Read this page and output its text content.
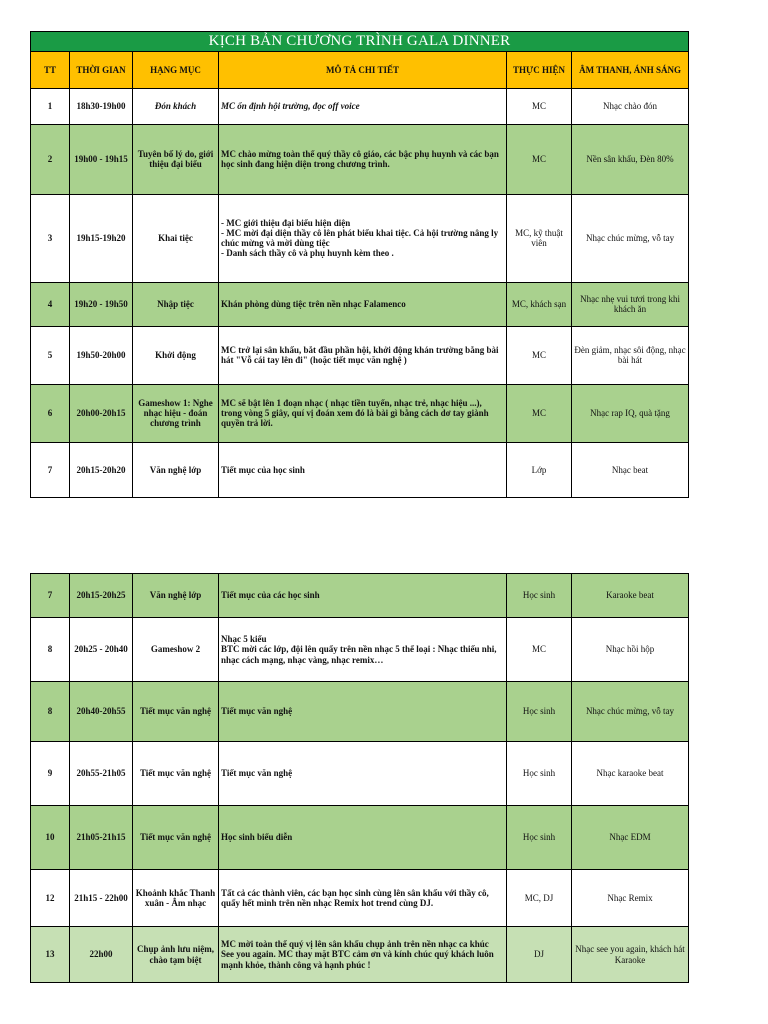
KỊCH BẢN CHƯƠNG TRÌNH GALA DINNER					
TT	THỜI GIAN	HẠNG MỤC	MÔ TẢ CHI TIẾT	THỰC HIỆN	ÂM THANH, ÁNH SÁNG
1	18h30-19h00	Đón khách	MC ổn định hội trường, đọc off voice	MC	Nhạc chào đón
2	19h00 - 19h15	Tuyên bố lý do, giới thiệu đại biểu	MC chào mừng toàn thể quý thầy cô giáo, các bậc phụ huynh và các bạn học sinh đang hiện diện trong chương trình.	MC	Nền sân khấu, Đèn 80%
3	19h15-19h20	Khai tiệc	- MC giới thiệu đại biểu hiện diện
- MC mời đại diện thầy cô lên phát biểu khai tiệc. Cả hội trường nâng ly chúc mừng và mời dùng tiệc
- Danh sách thầy cô và phụ huynh kèm theo .	MC, kỹ thuật viên	Nhạc chúc mừng, vỗ tay
4	19h20 - 19h50	Nhập tiệc	Khán phòng dùng tiệc trên nền nhạc Falamenco	MC, khách sạn	Nhạc nhẹ vui tươi trong khi khách ăn
5	19h50-20h00	Khởi động	MC trở lại sân khấu, bắt đầu phần hội, khởi động khán trường bằng bài hát "Vỗ cái tay lên đi" (hoặc tiết mục văn nghệ )	MC	Đèn giảm, nhạc sôi động, nhạc bài hát
6	20h00-20h15	Gameshow 1: Nghe nhạc hiệu - đoán chương trình	MC sẽ bật lên 1 đoạn nhạc ( nhạc tiền tuyển, nhạc trẻ, nhạc hiệu ...), trong vòng 5 giây, quí vị đoán xem đó là bài gì bằng cách dơ tay giành quyền trả lời.	MC	Nhạc rap IQ, quà tặng
7	20h15-20h20	Văn nghệ lớp	Tiết mục của học sinh	Lớp	Nhạc beat
7	20h15-20h25	Văn nghệ lớp	Tiết mục của các học sinh	Học sinh	Karaoke beat
8	20h25 - 20h40	Gameshow 2	Nhạc 5 kiểu
BTC mời các lớp, đội lên quẩy trên nền nhạc 5 thể loại : Nhạc thiếu nhi, nhạc cách mạng, nhạc vàng, nhạc remix…	MC	Nhạc hồi hộp
8	20h40-20h55	Tiết mục văn nghệ	Tiết mục văn nghệ	Học sinh	Nhạc chúc mừng, vỗ tay
9	20h55-21h05	Tiết mục văn nghệ	Tiết mục văn nghệ	Học sinh	Nhạc karaoke beat
10	21h05-21h15	Tiết mục văn nghệ	Học sinh biểu diễn	Học sinh	Nhạc EDM
12	21h15 - 22h00	Khoảnh khắc Thanh xuân - Âm nhạc	Tất cả các thành viên, các bạn học sinh cùng lên sân khấu với thầy cô, quẩy hết mình trên nền nhạc Remix hot trend cùng DJ.	MC, DJ	Nhạc Remix
13	22h00	Chụp ảnh lưu niệm, chào tạm biệt	MC mời toàn thể quý vị lên sân khấu chụp ảnh trên nền nhạc ca khúc See you again. MC thay mặt BTC cảm ơn và kính chúc quý khách luôn mạnh khỏe, thành công và hạnh phúc !	DJ	Nhạc see you again, khách hát Karaoke
